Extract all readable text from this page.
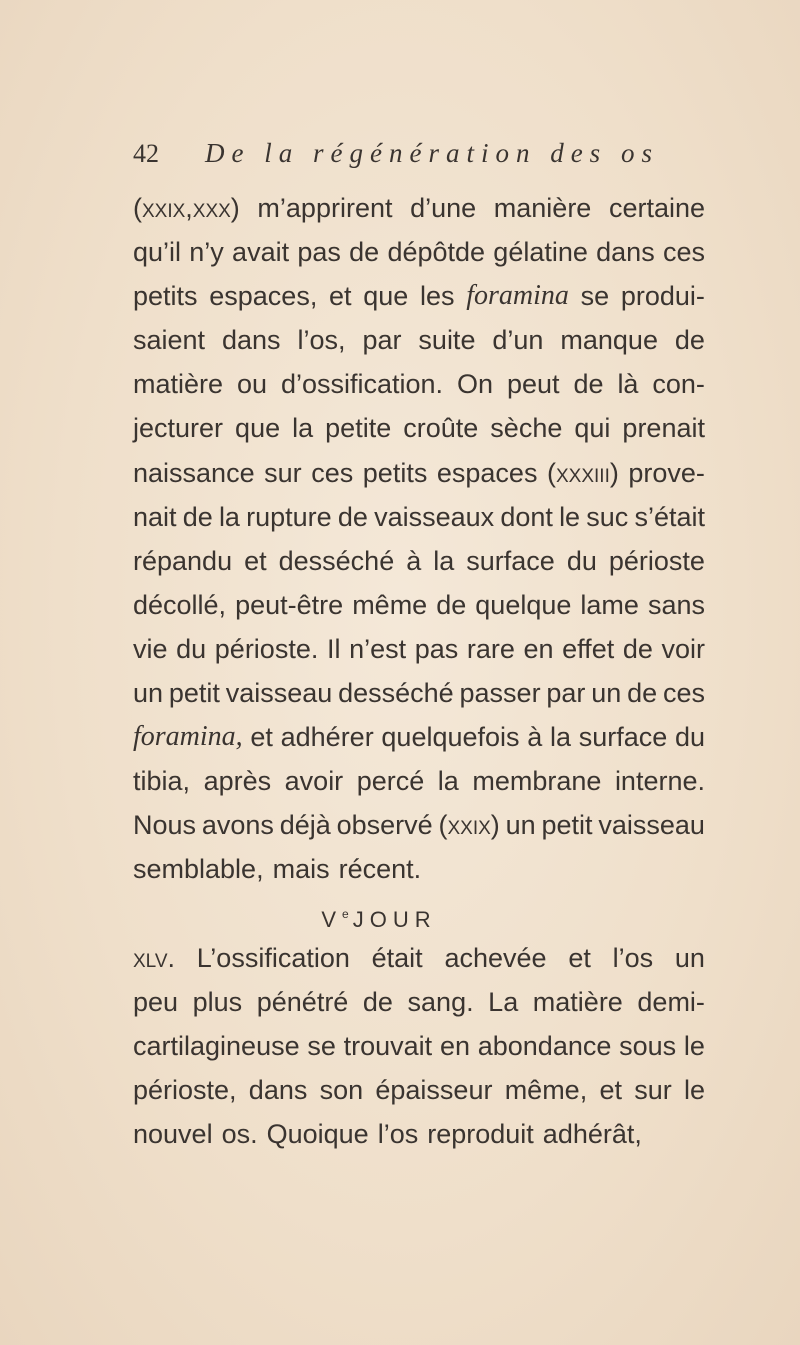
42	De la régénération des os
(xxix,xxx) m’apprirent d’une manière certaine
qu’il n’y avait pas de dépôtde gélatine dans ces
petits espaces, et que les foramina se produi-
saient dans l’os, par suite d’un manque de
matière ou d’ossification. On peut de là con-
jecturer que la petite croûte sèche qui prenait
naissance sur ces petits espaces (xxxiii) prove-
nait de la rupture de vaisseaux dont le suc s’était
répandu et desséché à la surface du périoste
décollé, peut-être même de quelque lame sans
vie du périoste. Il n’est pas rare en effet de voir
un petit vaisseau desséché passer par un de ces
foramina, et adhérer quelquefois à la surface du
tibia, après avoir percé la membrane interne.
Nous avons déjà observé (xxix) un petit vaisseau
semblable, mais récent.
Ve JOUR
xlv. L’ossification était achevée et l’os un
peu plus pénétré de sang. La matière demi-
cartilagineuse se trouvait en abondance sous le
périoste, dans son épaisseur même, et sur le
nouvel os. Quoique l’os reproduit adhérât,
